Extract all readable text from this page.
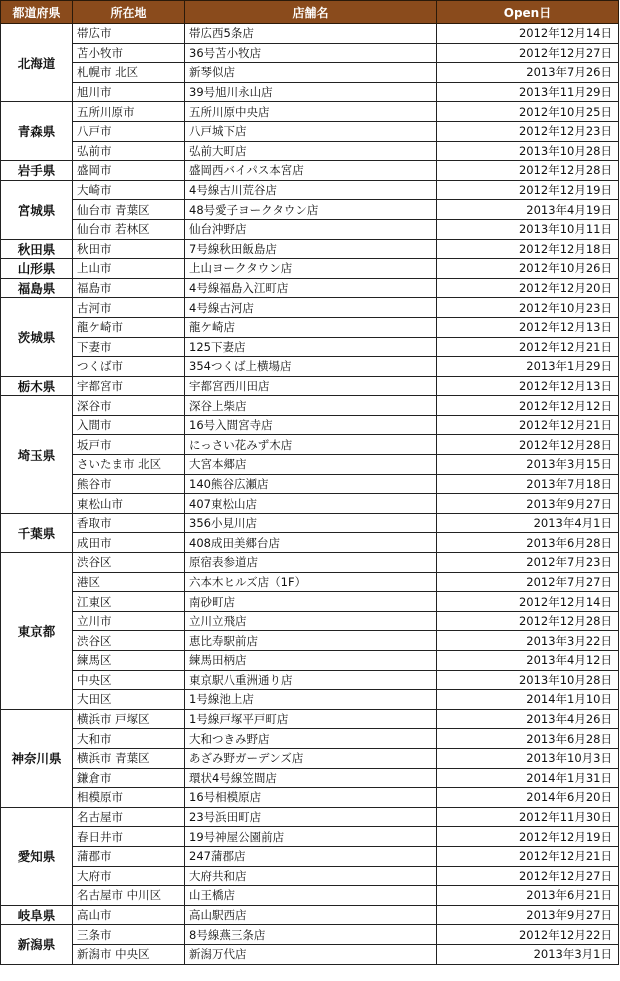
都道府県	所在地	店舗名	Open日
北海道	帯広市	帯広西5条店	2012年12月14日
	苫小牧市	36号苫小牧店	2012年12月27日
	札幌市 北区	新琴似店	2013年7月26日
	旭川市	39号旭川永山店	2013年11月29日
青森県	五所川原市	五所川原中央店	2012年10月25日
	八戸市	八戸城下店	2012年12月23日
	弘前市	弘前大町店	2013年10月28日
岩手県	盛岡市	盛岡西バイパス本宮店	2012年12月28日
宮城県	大崎市	4号線古川荒谷店	2012年12月19日
	仙台市 青葉区	48号愛子ヨークタウン店	2013年4月19日
	仙台市 若林区	仙台沖野店	2013年10月11日
秋田県	秋田市	7号線秋田飯島店	2012年12月18日
山形県	上山市	上山ヨークタウン店	2012年10月26日
福島県	福島市	4号線福島入江町店	2012年12月20日
茨城県	古河市	4号線古河店	2012年10月23日
	龍ケ崎市	龍ケ崎店	2012年12月13日
	下妻市	125下妻店	2012年12月21日
	つくば市	354つくば上横場店	2013年1月29日
栃木県	宇都宮市	宇都宮西川田店	2012年12月13日
埼玉県	深谷市	深谷上柴店	2012年12月12日
	入間市	16号入間宮寺店	2012年12月21日
	坂戸市	にっさい花みず木店	2012年12月28日
	さいたま市 北区	大宮本郷店	2013年3月15日
	熊谷市	140熊谷広瀬店	2013年7月18日
	東松山市	407東松山店	2013年9月27日
千葉県	香取市	356小見川店	2013年4月1日
	成田市	408成田美郷台店	2013年6月28日
東京都	渋谷区	原宿表参道店	2012年7月23日
	港区	六本木ヒルズ店（1F）	2012年7月27日
	江東区	南砂町店	2012年12月14日
	立川市	立川立飛店	2012年12月28日
	渋谷区	恵比寿駅前店	2013年3月22日
	練馬区	練馬田柄店	2013年4月12日
	中央区	東京駅八重洲通り店	2013年10月28日
	大田区	1号線池上店	2014年1月10日
神奈川県	横浜市 戸塚区	1号線戸塚平戸町店	2013年4月26日
	大和市	大和つきみ野店	2013年6月28日
	横浜市 青葉区	あざみ野ガーデンズ店	2013年10月3日
	鎌倉市	環状4号線笠間店	2014年1月31日
	相模原市	16号相模原店	2014年6月20日
愛知県	名古屋市	23号浜田町店	2012年11月30日
	春日井市	19号神屋公園前店	2012年12月19日
	蒲郡市	247蒲郡店	2012年12月21日
	大府市	大府共和店	2012年12月27日
	名古屋市 中川区	山王橋店	2013年6月21日
岐阜県	高山市	高山駅西店	2013年9月27日
新潟県	三条市	8号線燕三条店	2012年12月22日
	新潟市 中央区	新潟万代店	2013年3月1日
